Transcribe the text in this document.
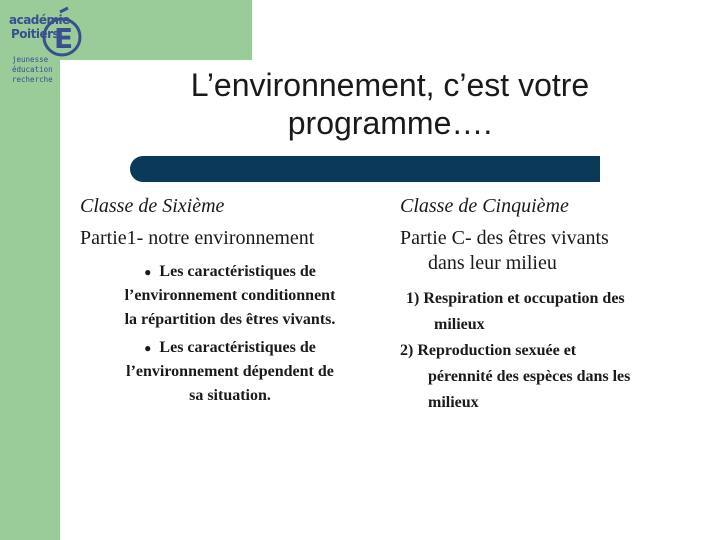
académie
Poitiers
E
jeunesse
éducation
recherche	L’environnement, c’est votre
programme….
Classe de Sixième
Partie1- notre environnement
● Les caractéristiques de
l’environnement conditionnent
la répartition des êtres vivants.
● Les caractéristiques de
l’environnement dépendent de
sa situation.
Classe de Cinquième
Partie C- des êtres vivants
dans leur milieu
1) Respiration et occupation des
milieux
2) Reproduction sexuée et
pérennité des espèces dans les
milieux
